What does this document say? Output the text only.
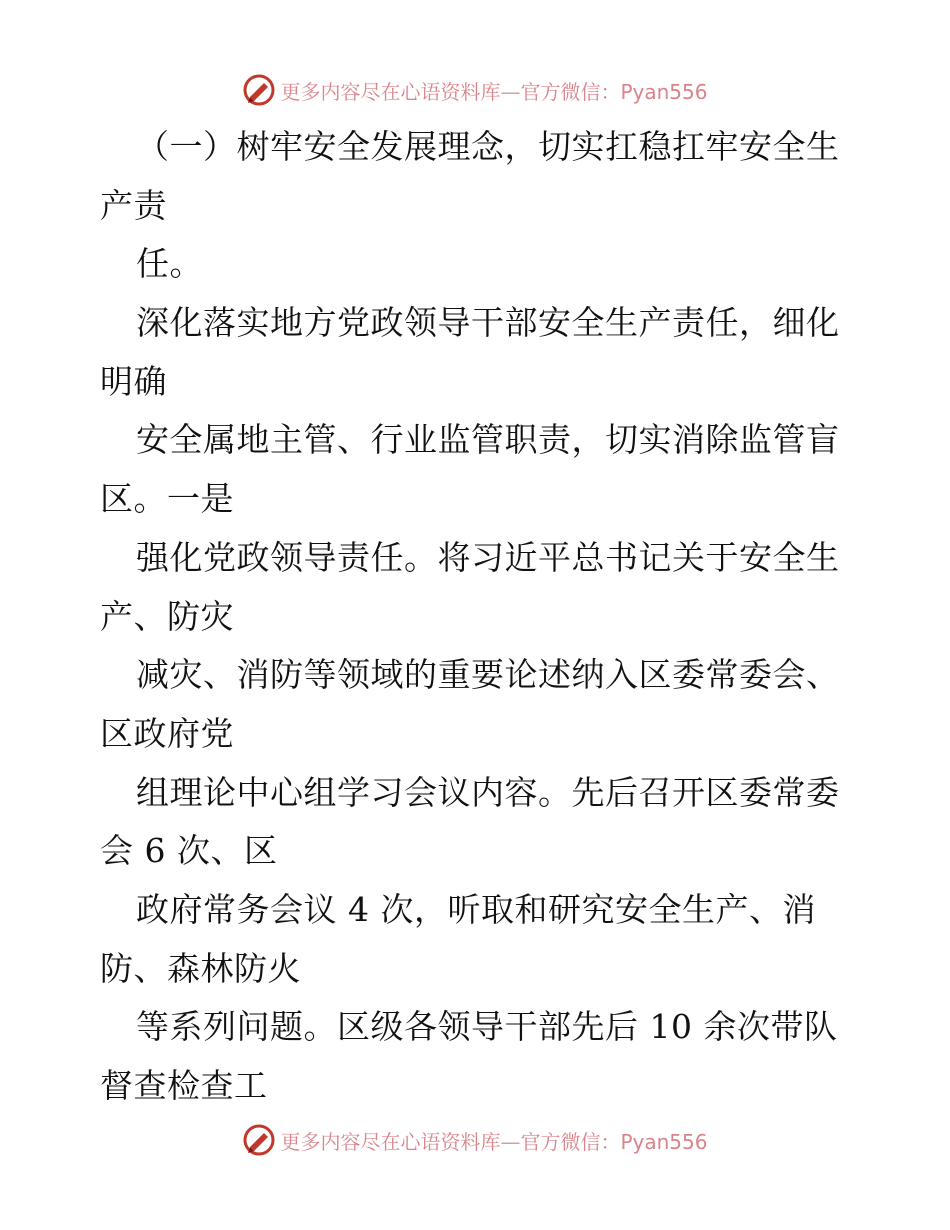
更多内容尽在心语资料库—官方微信：Pyan556
（一）树牢安全发展理念，切实扛稳扛牢安全生
产责
任。
深化落实地方党政领导干部安全生产责任，细化
明确
安全属地主管、行业监管职责，切实消除监管盲
区。一是
强化党政领导责任。将习近平总书记关于安全生
产、防灾
减灾、消防等领域的重要论述纳入区委常委会、
区政府党
组理论中心组学习会议内容。先后召开区委常委
会 6 次、区
政府常务会议 4 次，听取和研究安全生产、消
防、森林防火
等系列问题。区级各领导干部先后 10 余次带队
督查检查工
更多内容尽在心语资料库—官方微信：Pyan556
